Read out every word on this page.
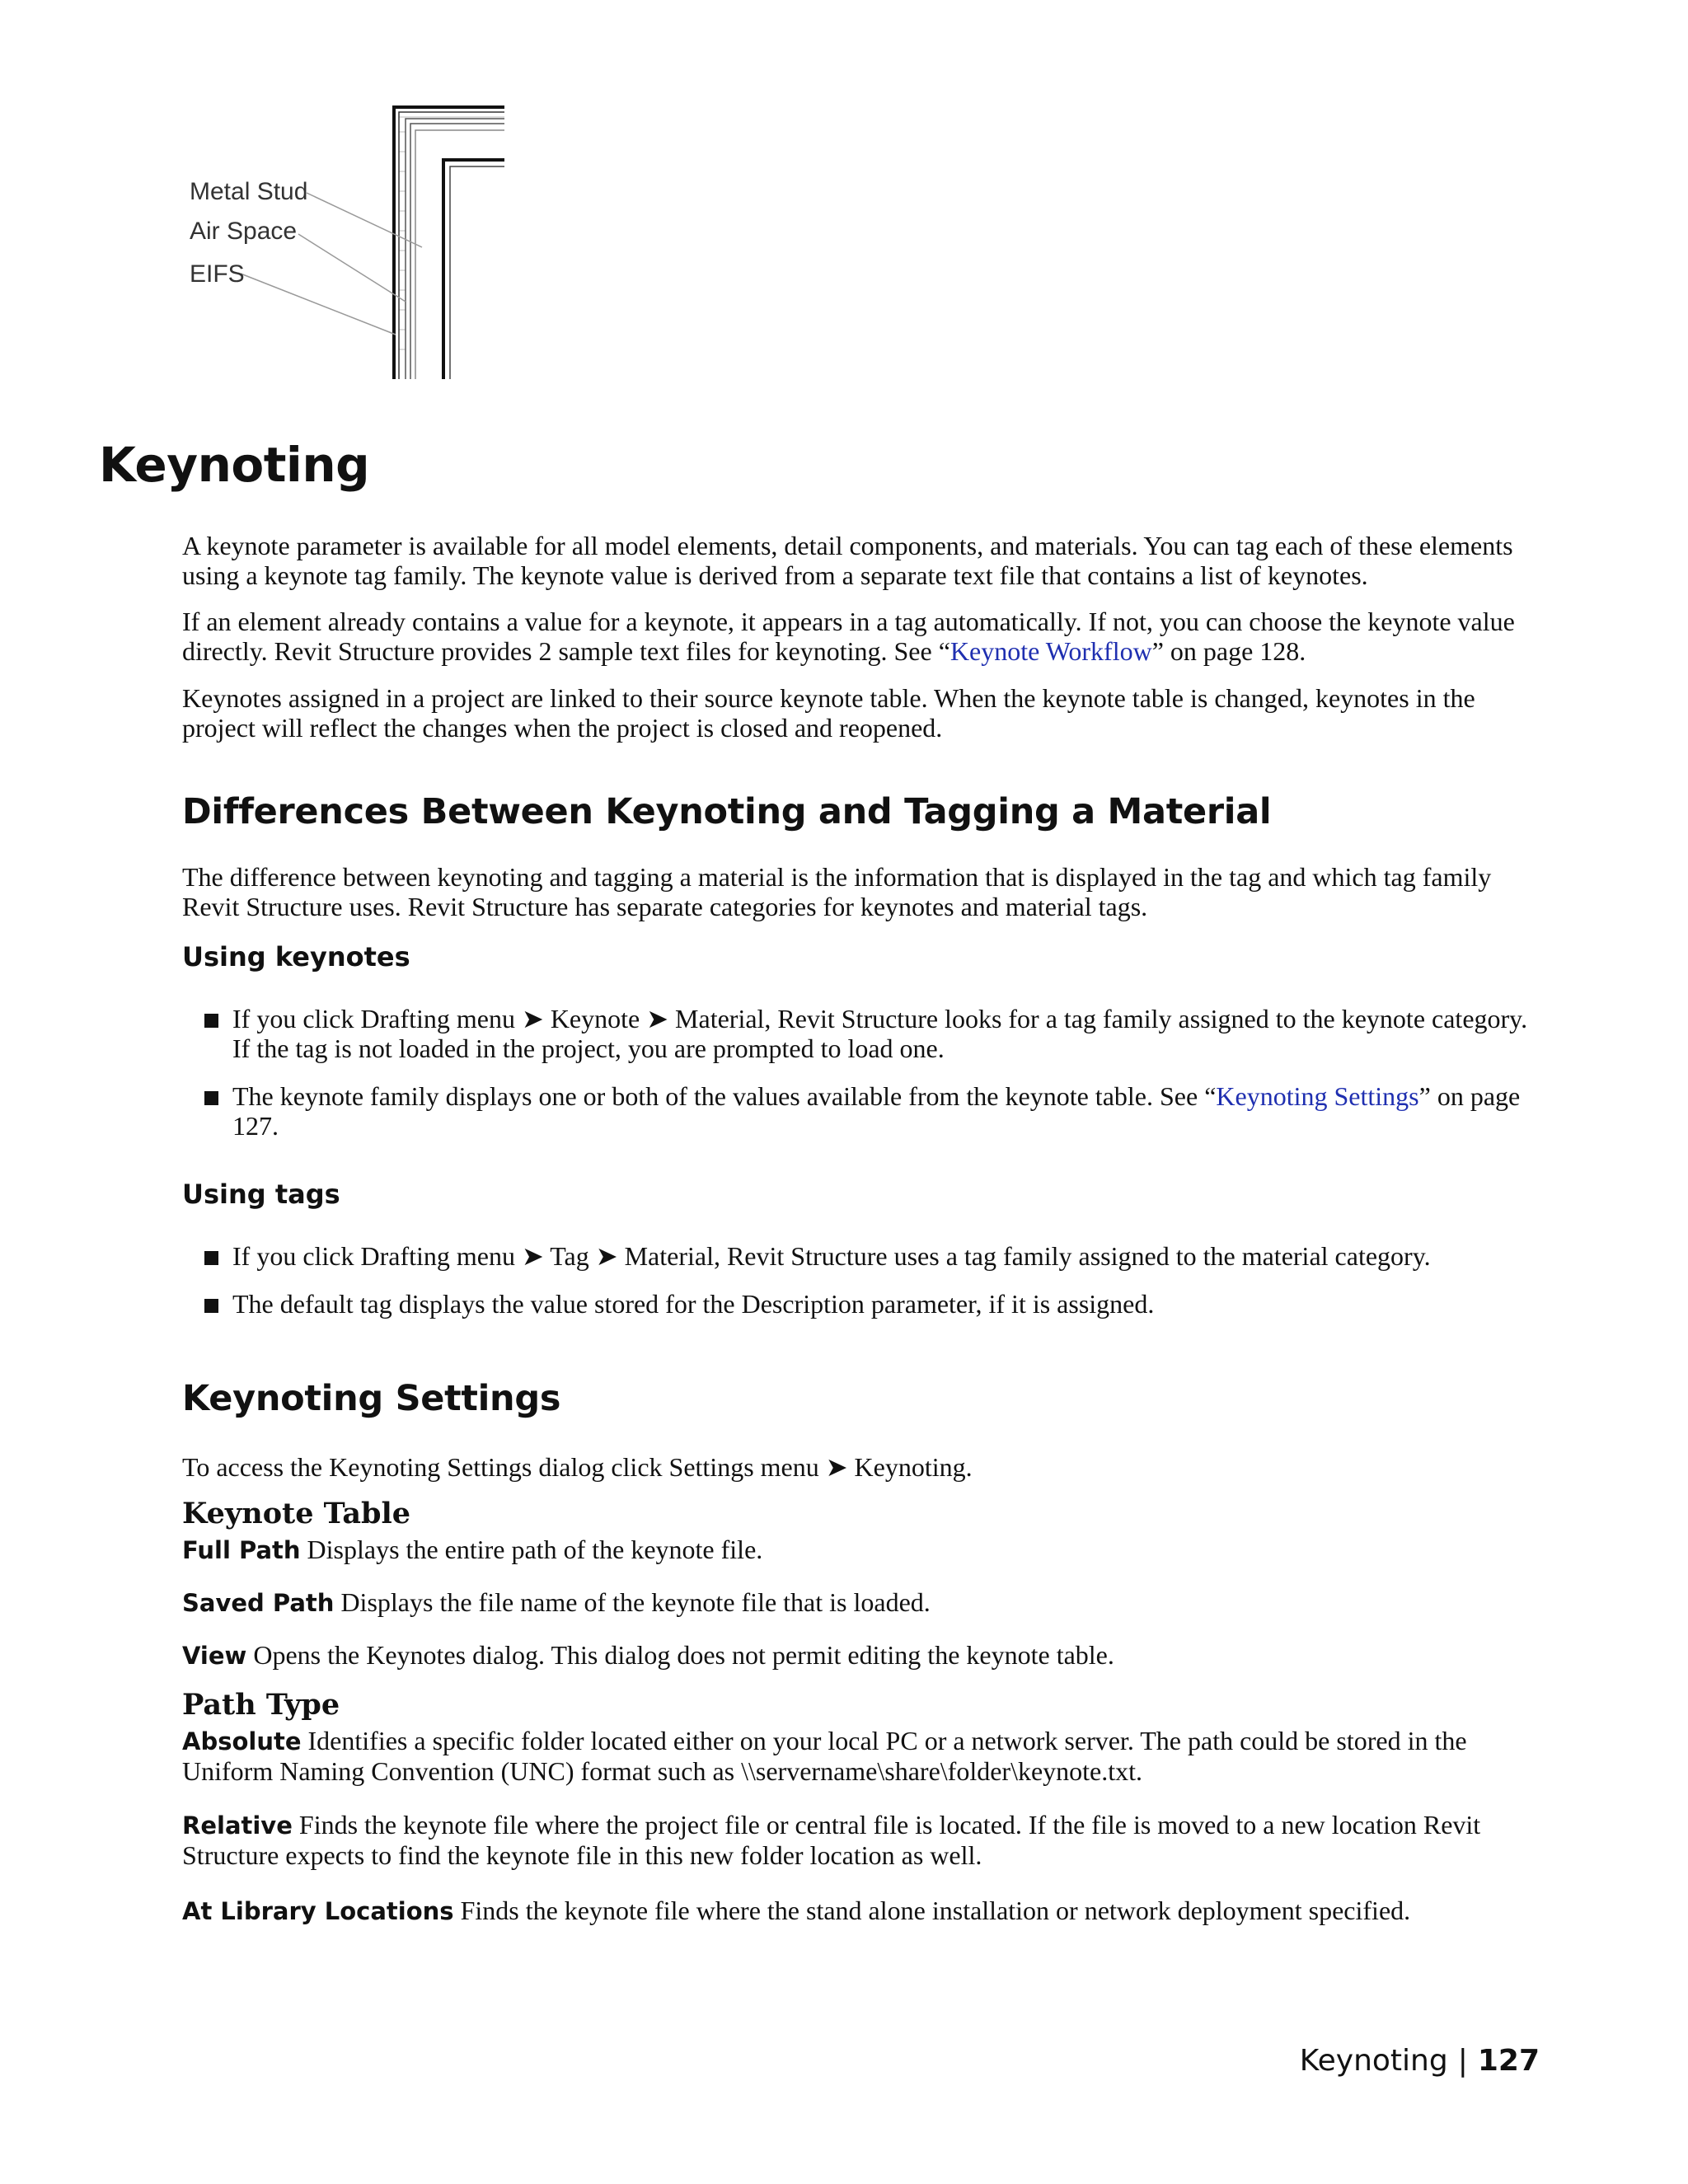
Metal Stud
Air Space
EIFS
Keynoting

A keynote parameter is available for all model elements, detail components, and materials. You can tag each of these elements using a keynote tag family. The keynote value is derived from a separate text file that contains a list of keynotes.

If an element already contains a value for a keynote, it appears in a tag automatically. If not, you can choose the keynote value directly. Revit Structure provides 2 sample text files for keynoting. See “Keynote Workflow” on page 128.

Keynotes assigned in a project are linked to their source keynote table. When the keynote table is changed, keynotes in the project will reflect the changes when the project is closed and reopened.

Differences Between Keynoting and Tagging a Material

The difference between keynoting and tagging a material is the information that is displayed in the tag and which tag family Revit Structure uses. Revit Structure has separate categories for keynotes and material tags.

Using keynotes
If you click Drafting menu ➤ Keynote ➤ Material, Revit Structure looks for a tag family assigned to the keynote category. If the tag is not loaded in the project, you are prompted to load one.
The keynote family displays one or both of the values available from the keynote table. See “Keynoting Settings” on page 127.
Using tags
If you click Drafting menu ➤ Tag ➤ Material, Revit Structure uses a tag family assigned to the material category.
The default tag displays the value stored for the Description parameter, if it is assigned.
Keynoting Settings

To access the Keynoting Settings dialog click Settings menu ➤ Keynoting.

Keynote Table

Full Path Displays the entire path of the keynote file.

Saved Path Displays the file name of the keynote file that is loaded.

View Opens the Keynotes dialog. This dialog does not permit editing the keynote table.

Path Type

Absolute Identifies a specific folder located either on your local PC or a network server. The path could be stored in the Uniform Naming Convention (UNC) format such as \\servername\share\folder\keynote.txt.

Relative Finds the keynote file where the project file or central file is located. If the file is moved to a new location Revit Structure expects to find the keynote file in this new folder location as well.

At Library Locations Finds the keynote file where the stand alone installation or network deployment specified.

Keynoting | 127
